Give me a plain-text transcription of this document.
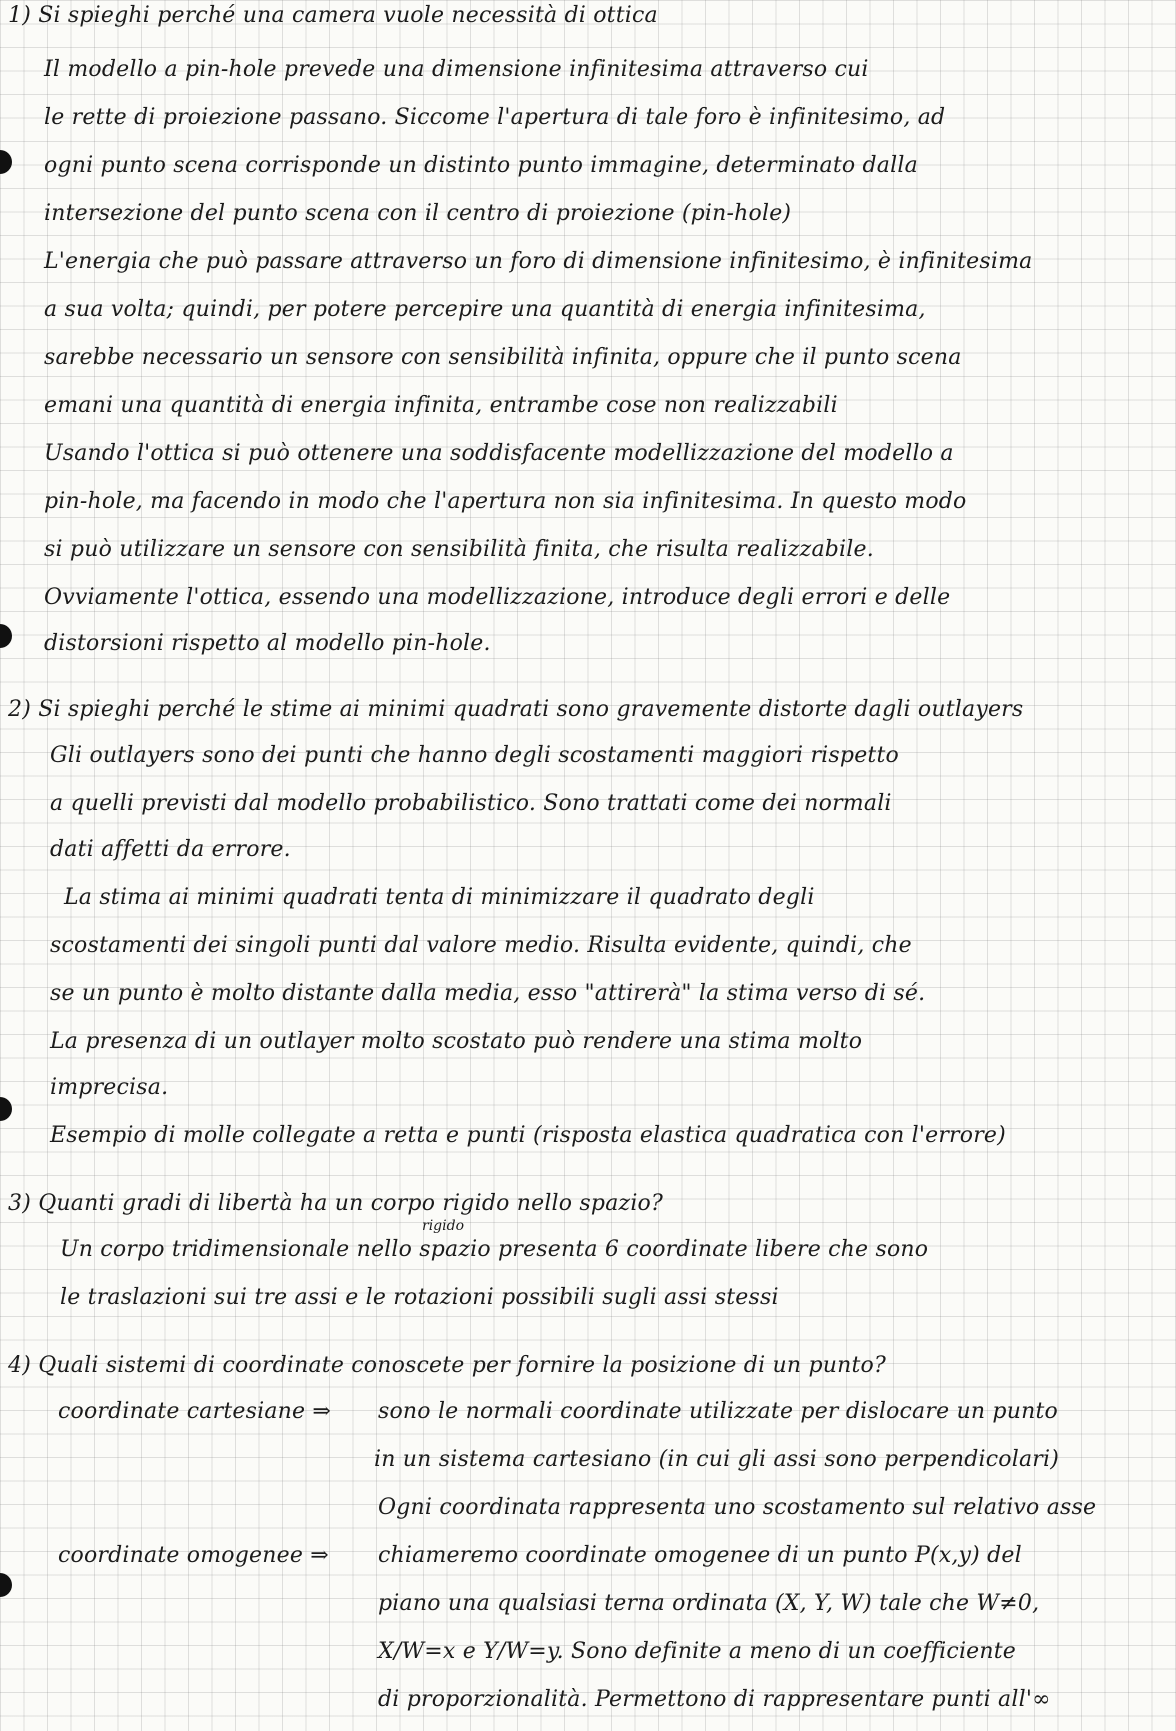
1) Si spieghi perché una camera vuole necessità di ottica
Il modello a pin-hole prevede una dimensione infinitesima attraverso cui
le rette di proiezione passano. Siccome l'apertura di tale foro è infinitesimo, ad
ogni punto scena corrisponde un distinto punto immagine, determinato dalla
intersezione del punto scena con il centro di proiezione (pin-hole)
L'energia che può passare attraverso un foro di dimensione infinitesimo, è infinitesima
a sua volta; quindi, per potere percepire una quantità di energia infinitesima,
sarebbe necessario un sensore con sensibilità infinita, oppure che il punto scena
emani una quantità di energia infinita, entrambe cose non realizzabili
Usando l'ottica si può ottenere una soddisfacente modellizzazione del modello a
pin-hole, ma facendo in modo che l'apertura non sia infinitesima. In questo modo
si può utilizzare un sensore con sensibilità finita, che risulta realizzabile.
Ovviamente l'ottica, essendo una modellizzazione, introduce degli errori e delle
distorsioni rispetto al modello pin-hole.
2) Si spieghi perché le stime ai minimi quadrati sono gravemente distorte dagli outlayers
Gli outlayers sono dei punti che hanno degli scostamenti maggiori rispetto
a quelli previsti dal modello probabilistico. Sono trattati come dei normali
dati affetti da errore.
La stima ai minimi quadrati tenta di minimizzare il quadrato degli
scostamenti dei singoli punti dal valore medio. Risulta evidente, quindi, che
se un punto è molto distante dalla media, esso "attirerà" la stima verso di sé.
La presenza di un outlayer molto scostato può rendere una stima molto
imprecisa.
Esempio di molle collegate a retta e punti (risposta elastica quadratica con l'errore)
3) Quanti gradi di libertà ha un corpo rigido nello spazio?
rigido
Un corpo tridimensionale nello spazio presenta 6 coordinate libere che sono
le traslazioni sui tre assi e le rotazioni possibili sugli assi stessi
4) Quali sistemi di coordinate conoscete per fornire la posizione di un punto?
coordinate cartesiane ⇒ sono le normali coordinate utilizzate per dislocare un punto
in un sistema cartesiano (in cui gli assi sono perpendicolari)
Ogni coordinata rappresenta uno scostamento sul relativo asse
coordinate omogenee ⇒ chiameremo coordinate omogenee di un punto P(x,y) del
piano una qualsiasi terna ordinata (X, Y, W) tale che W≠0,
X/W=x e Y/W=y. Sono definite a meno di un coefficiente
di proporzionalità. Permettono di rappresentare punti all'∞
